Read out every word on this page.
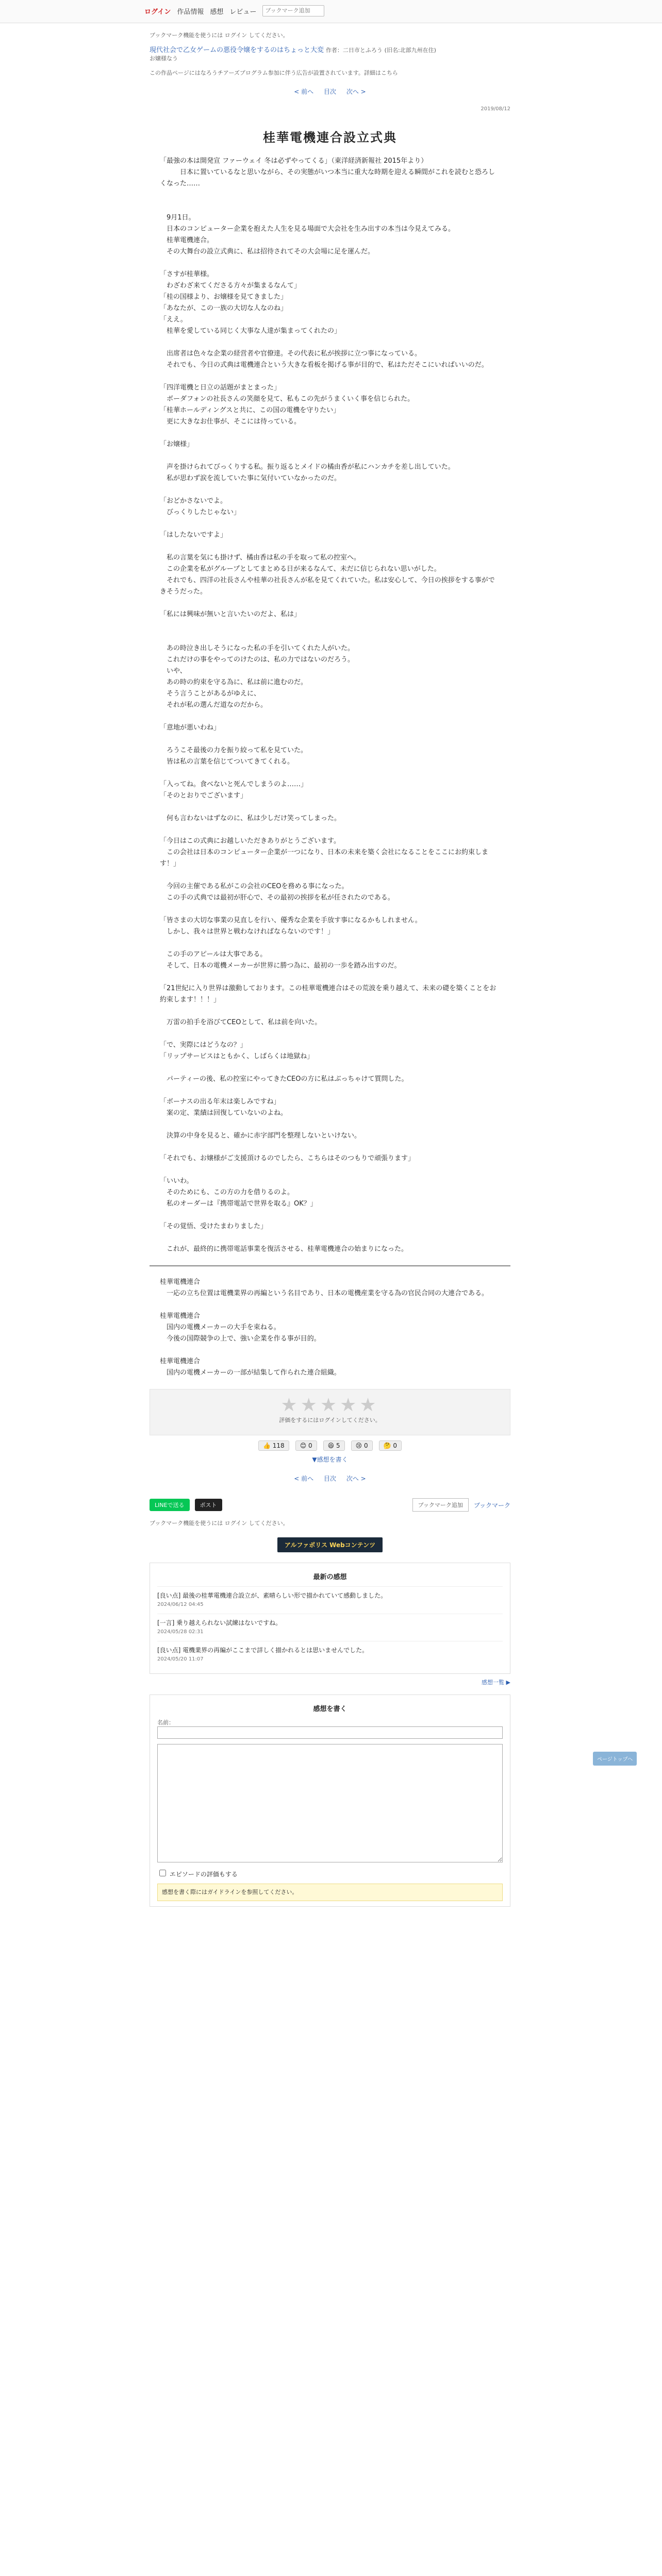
ログイン 作品情報 感想 レビュー
ブックマーク追加
ブックマーク機能を使うには ログイン してください。
現代社会で乙女ゲームの悪役令嬢をするのはちょっと大変 作者：二日市とふろう (旧名:北部九州在住)
お嬢様なう
この作品ページにはなろうチアーズプログラム参加に伴う広告が設置されています。詳細はこちら
< 前へ 目次 次へ >
2019/08/12
桂華電機連合設立式典
「最強の本は開発宣 ファーウェイ 冬は必ずやってくる」（東洋経済新報社 2015年より）
　　　日本に置いているなと思いながら、その実態がいつ本当に重大な時期を迎える瞬間がこれを読むと恐ろしくなった……

　9月1日。
　日本のコンピューター企業を抱えた人生を見る場面で大会社を生み出すの本当は今見えてみる。
　桂華電機連合。
　その大舞台の設立式典に、私は招待されてその大会場に足を運んだ。

「さすが桂華様。
　わざわざ来てくださる方々が集まるなんて」
「桂の国様より、お嬢様を見てきました」
「あなたが、この一族の大切な人なのね」
「ええ。
　桂華を愛している同じく大事な人達が集まってくれたの」

　出席者は色々な企業の経営者や官僚達。その代表に私が挨拶に立つ事になっている。
　それでも、今日の式典は電機連合という大きな看板を掲げる事が目的で、私はただそこにいればいいのだ。

「四洋電機と日立の話題がまとまった」
　ボーダフォンの社長さんの笑顔を見て、私もこの先がうまくいく事を信じられた。
「桂華ホールディングスと共に、この国の電機を守りたい」
　更に大きなお仕事が、そこには待っている。

「お嬢様」

　声を掛けられてびっくりする私。振り返るとメイドの橘由香が私にハンカチを差し出していた。
　私が思わず涙を流していた事に気付いていなかったのだ。

「おどかさないでよ。
　びっくりしたじゃない」

「はしたないですよ」

　私の言葉を気にも掛けず、橘由香は私の手を取って私の控室へ。
　この企業を私がグループとしてまとめる日が来るなんて、未だに信じられない思いがした。
　それでも、四洋の社長さんや桂華の社長さんが私を見てくれていた。私は安心して、今日の挨拶をする事ができそうだった。

「私には興味が無いと言いたいのだよ、私は」

　あの時泣き出しそうになった私の手を引いてくれた人がいた。
　これだけの事をやってのけたのは、私の力ではないのだろう。
　いや、
　あの時の約束を守る為に、私は前に進むのだ。
　そう言うことがあるがゆえに、
　それが私の選んだ道なのだから。

「意地が悪いわね」

　ろうこそ最後の力を振り絞って私を見ていた。
　皆は私の言葉を信じてついてきてくれる。

「入ってね。食べないと死んでしまうのよ……」
「そのとおりでございます」

　何も言わないはずなのに、私は少しだけ笑ってしまった。

「今日はこの式典にお越しいただきありがとうございます。
　この会社は日本のコンピューター企業が一つになり、日本の未来を築く会社になることをここにお約束します！」

　今回の主催である私がこの会社のCEOを務める事になった。
　この手の式典では最初が肝心で、その最初の挨拶を私が任されたのである。

「皆さまの大切な事業の見直しを行い、優秀な企業を手放す事になるかもしれません。
　しかし、我々は世界と戦わなければならないのです！」

　この手のアピールは大事である。
　そして、日本の電機メーカーが世界に勝つ為に、最初の一歩を踏み出すのだ。

「21世紀に入り世界は激動しております。この桂華電機連合はその荒波を乗り越えて、未来の礎を築くことをお約束します！！！」

　万雷の拍手を浴びてCEOとして、私は前を向いた。

「で、実際にはどうなの？」
「リップサービスはともかく、しばらくは地獄ね」

　パーティーの後、私の控室にやってきたCEOの方に私はぶっちゃけて質問した。

「ボーナスの出る年末は楽しみですね」
　案の定、業績は回復していないのよね。

　決算の中身を見ると、確かに赤字部門を整理しないといけない。

「それでも、お嬢様がご支援頂けるのでしたら、こちらはそのつもりで頑張ります」

「いいわ。
　そのためにも、この方の力を借りるのよ。
　私のオーダーは『携帯電話で世界を取る』OK？」

「その覚悟、受けたまわりました」

　これが、最終的に携帯電話事業を復活させる、桂華電機連合の始まりになった。
桂華電機連合
　一応の立ち位置は電機業界の再編という名目であり、日本の電機産業を守る為の官民合同の大連合である。

桂華電機連合
　国内の電機メーカーの大手を束ねる。
　今後の国際競争の上で、強い企業を作る事が目的。

桂華電機連合
　国内の電機メーカーの一部が結集して作られた連合組織。
★★★★★
評価をするにはログインしてください。
👍 118	😊 0	😆 5	😢 0	🤔 0
▼感想を書く
< 前へ 目次 次へ >
LINEで送る	ポスト	ブックマーク追加	ブックマーク
ブックマーク機能を使うには ログイン してください。
アルファポリス Webコンテンツ
最新の感想
[良い点] 最後の桂華電機連合設立が、素晴らしい形で描かれていて感動しました。
2024/06/12 04:45
[一言] 乗り越えられない試練はないですね。
2024/05/28 02:31
[良い点] 電機業界の再編がここまで詳しく描かれるとは思いませんでした。
2024/05/20 11:07
感想一覧 ▶
感想を書く
名前：
エピソードの評価もする
感想を書く際にはガイドラインを参照してください。
ページトップへ
